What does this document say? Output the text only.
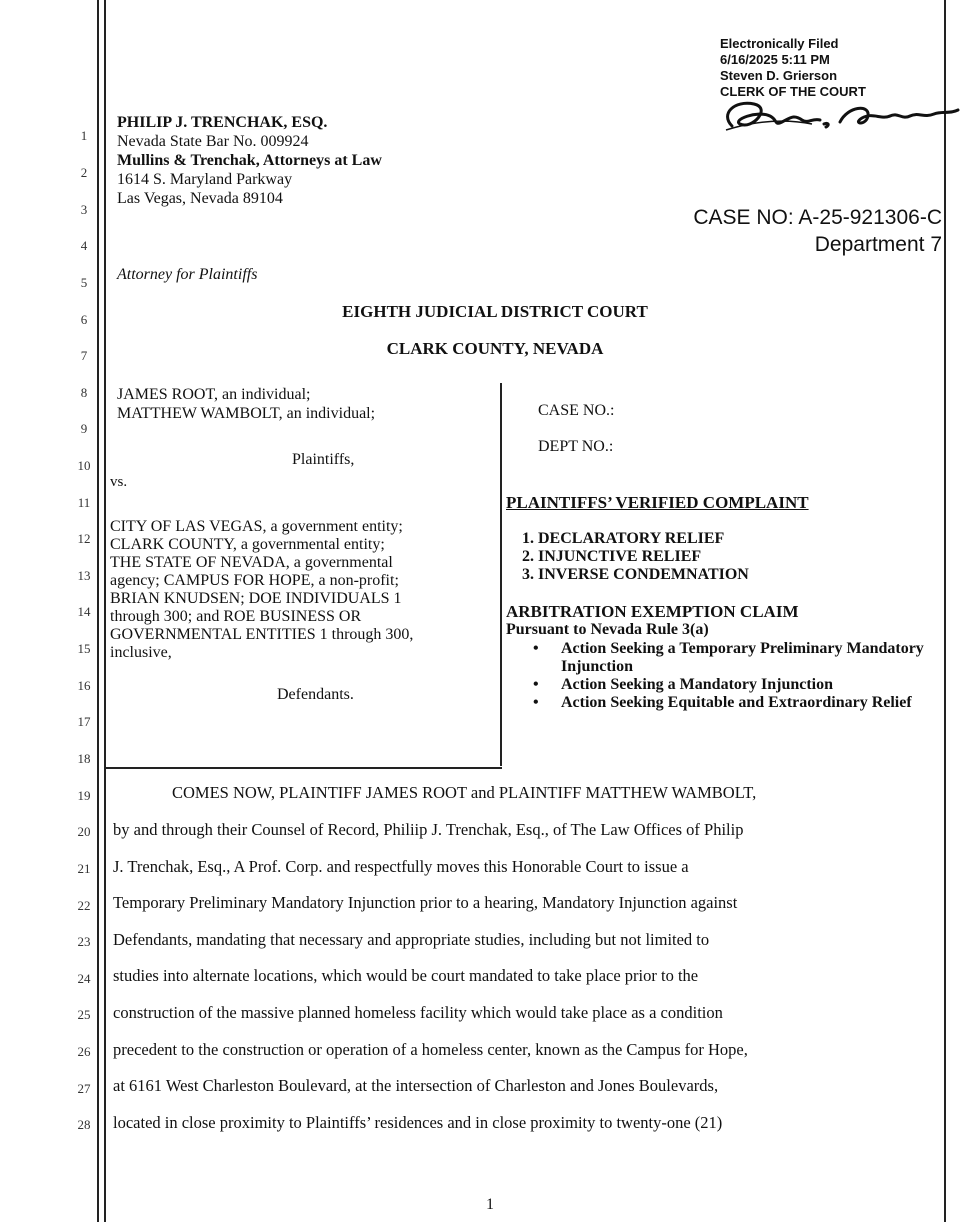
1
2
3
4
5
6
7
8
9
10
11
12
13
14
15
16
17
18
19
20
21
22
23
24
25
26
27
28
Electronically Filed
6/16/2025 5:11 PM
Steven D. Grierson
CLERK OF THE COURT
CASE NO: A-25-921306-C
Department 7
PHILIP J. TRENCHAK, ESQ.
Nevada State Bar No. 009924
Mullins & Trenchak, Attorneys at Law
1614 S. Maryland Parkway
Las Vegas, Nevada 89104
Attorney for Plaintiffs
EIGHTH JUDICIAL DISTRICT COURT
CLARK COUNTY, NEVADA
JAMES ROOT, an individual;
MATTHEW WAMBOLT, an individual;
Plaintiffs,
vs.
CITY OF LAS VEGAS, a government entity;
CLARK COUNTY, a governmental entity;
THE STATE OF NEVADA, a governmental
agency; CAMPUS FOR HOPE, a non-profit;
BRIAN KNUDSEN; DOE INDIVIDUALS 1
through 300; and ROE BUSINESS OR
GOVERNMENTAL ENTITIES 1 through 300,
inclusive,
Defendants.
CASE NO.:
DEPT NO.:
PLAINTIFFS’ VERIFIED COMPLAINT
1. DECLARATORY RELIEF
2. INJUNCTIVE RELIEF
3. INVERSE CONDEMNATION
ARBITRATION EXEMPTION CLAIM
Pursuant to Nevada Rule 3(a)
• Action Seeking a Temporary Preliminary Mandatory Injunction
• Action Seeking a Mandatory Injunction
• Action Seeking Equitable and Extraordinary Relief
COMES NOW, PLAINTIFF JAMES ROOT and PLAINTIFF MATTHEW WAMBOLT,
by and through their Counsel of Record, Philiip J. Trenchak, Esq., of The Law Offices of Philip
J. Trenchak, Esq., A Prof. Corp. and respectfully moves this Honorable Court to issue a
Temporary Preliminary Mandatory Injunction prior to a hearing, Mandatory Injunction against
Defendants, mandating that necessary and appropriate studies, including but not limited to
studies into alternate locations, which would be court mandated to take place prior to the
construction of the massive planned homeless facility which would take place as a condition
precedent to the construction or operation of a homeless center, known as the Campus for Hope,
at 6161 West Charleston Boulevard, at the intersection of Charleston and Jones Boulevards,
located in close proximity to Plaintiffs’ residences and in close proximity to twenty-one (21)
1
